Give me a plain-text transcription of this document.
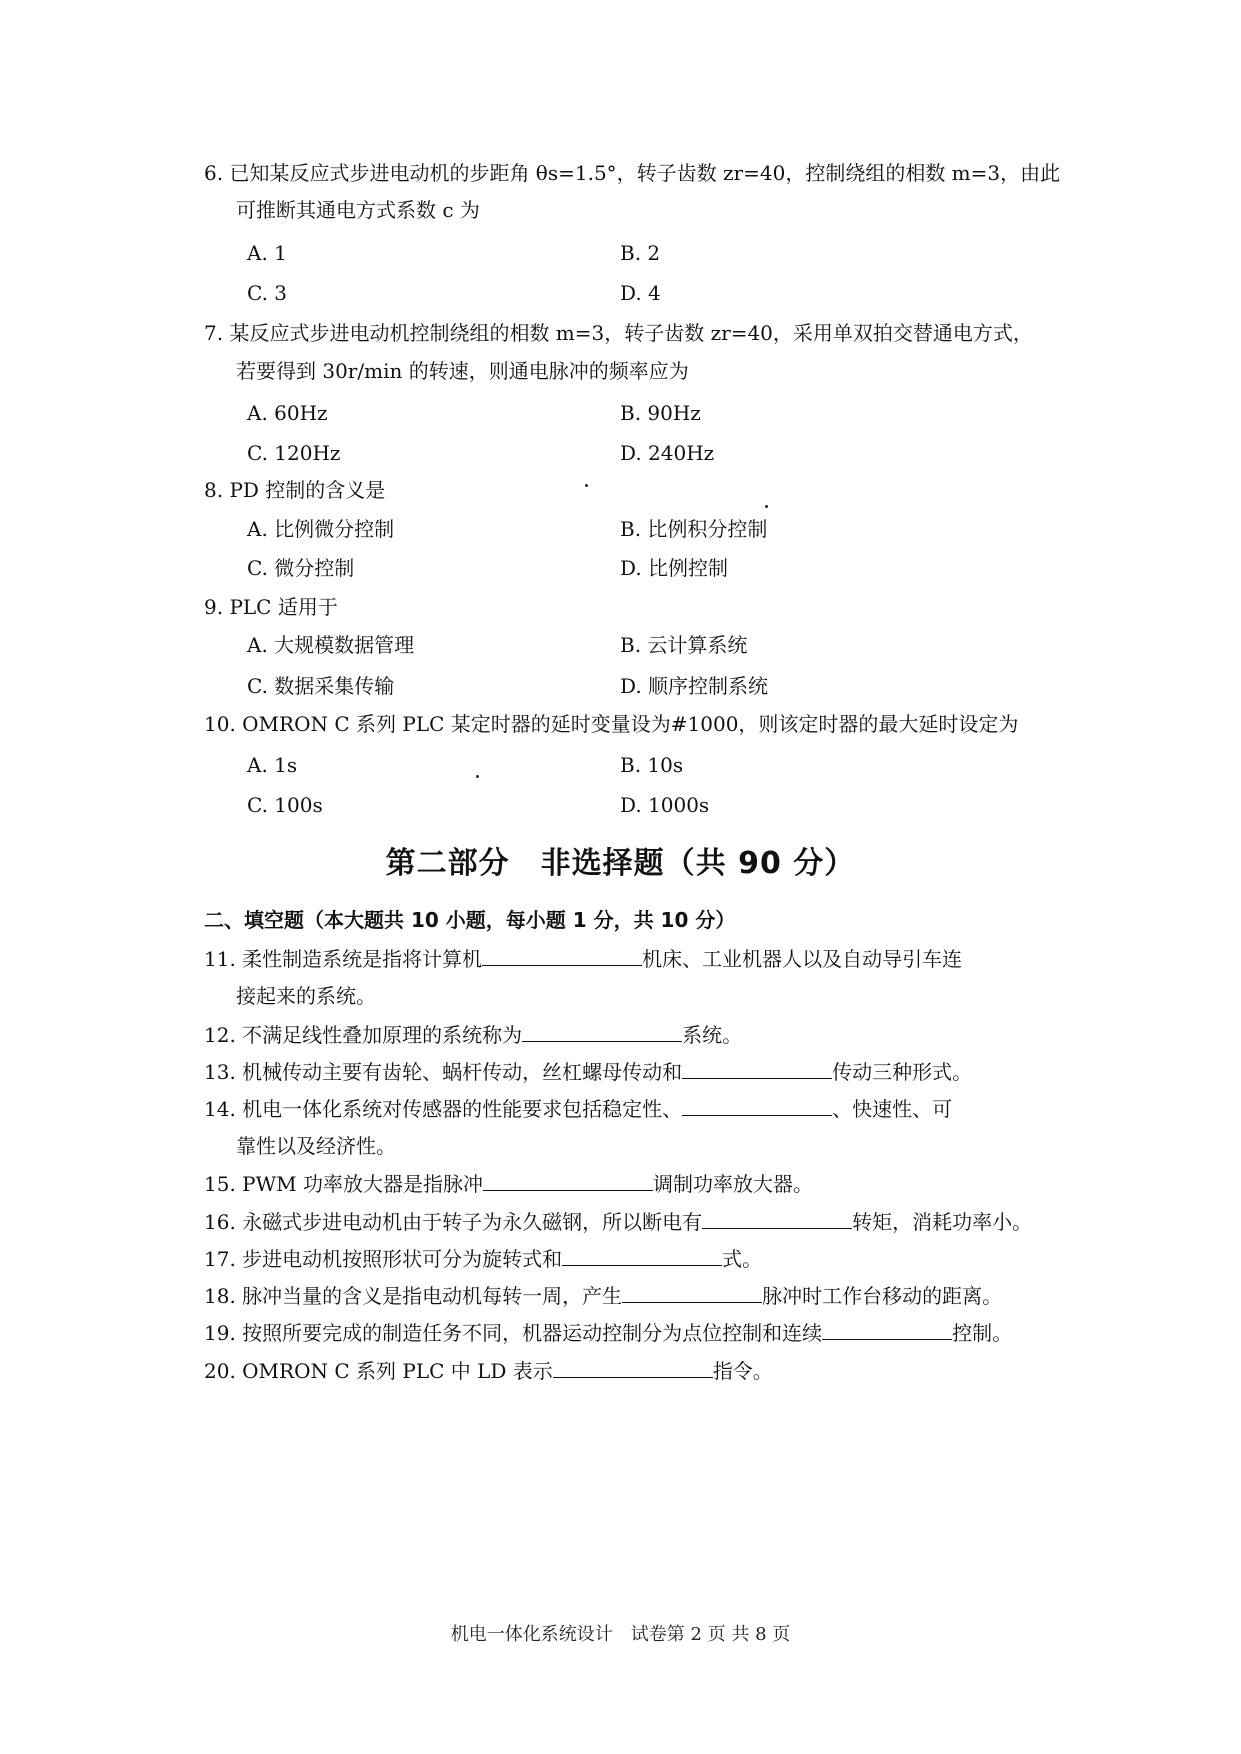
6. 已知某反应式步进电动机的步距角 θs=1.5°，转子齿数 zr=40，控制绕组的相数 m=3，由此
可推断其通电方式系数 c 为
A. 1	B. 2
C. 3	D. 4
7. 某反应式步进电动机控制绕组的相数 m=3，转子齿数 zr=40，采用单双拍交替通电方式，
若要得到 30r/min 的转速，则通电脉冲的频率应为
A. 60Hz	B. 90Hz
C. 120Hz	D. 240Hz
8. PD 控制的含义是
A. 比例微分控制	B. 比例积分控制
C. 微分控制	D. 比例控制
9. PLC 适用于
A. 大规模数据管理	B. 云计算系统
C. 数据采集传输	D. 顺序控制系统
10. OMRON C 系列 PLC 某定时器的延时变量设为#1000，则该定时器的最大延时设定为
A. 1s	B. 10s
C. 100s	D. 1000s
第二部分　非选择题（共 90 分）
二、填空题（本大题共 10 小题，每小题 1 分，共 10 分）
11. 柔性制造系统是指将计算机	机床、工业机器人以及自动导引车连
接起来的系统。
12. 不满足线性叠加原理的系统称为	系统。
13. 机械传动主要有齿轮、蜗杆传动，丝杠螺母传动和	传动三种形式。
14. 机电一体化系统对传感器的性能要求包括稳定性、	、快速性、可
靠性以及经济性。
15. PWM 功率放大器是指脉冲	调制功率放大器。
16. 永磁式步进电动机由于转子为永久磁钢，所以断电有	转矩，消耗功率小。
17. 步进电动机按照形状可分为旋转式和	式。
18. 脉冲当量的含义是指电动机每转一周，产生	脉冲时工作台移动的距离。
19. 按照所要完成的制造任务不同，机器运动控制分为点位控制和连续	控制。
20. OMRON C 系列 PLC 中 LD 表示	指令。
机电一体化系统设计　试卷第 2 页 共 8 页
